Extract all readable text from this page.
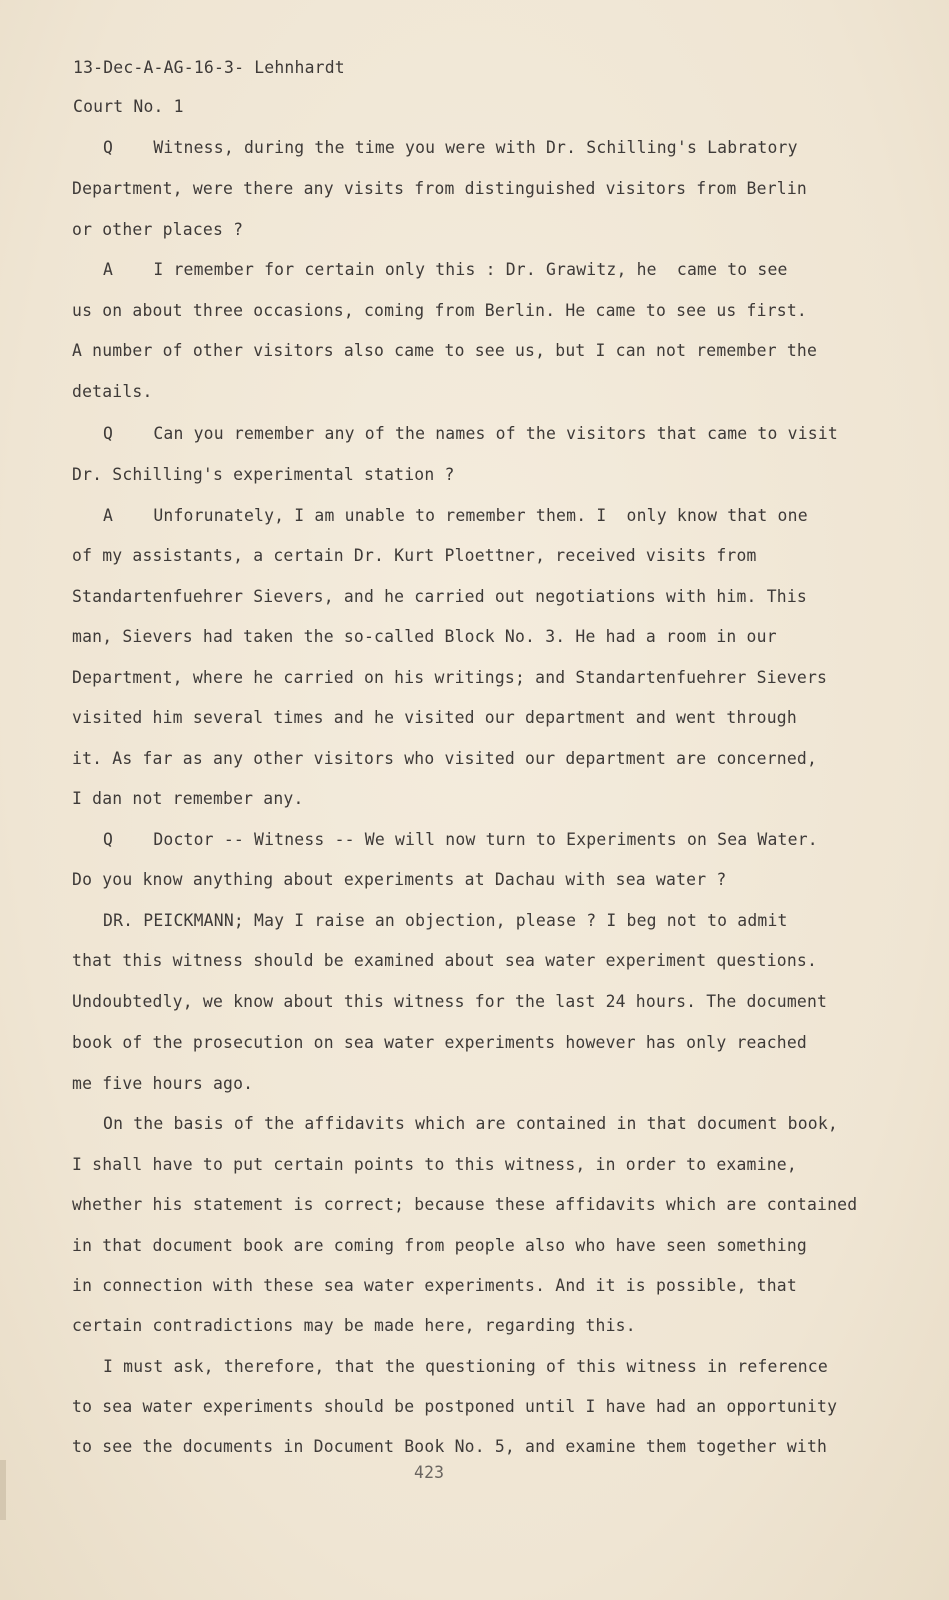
13-Dec-A-AG-16-3- Lehnhardt
Court No. 1
Q    Witness, during the time you were with Dr. Schilling's Labratory
Department, were there any visits from distinguished visitors from Berlin
or other places ?
A    I remember for certain only this : Dr. Grawitz, he  came to see
us on about three occasions, coming from Berlin. He came to see us first.
A number of other visitors also came to see us, but I can not remember the
details.
Q    Can you remember any of the names of the visitors that came to visit
Dr. Schilling's experimental station ?
A    Unforunately, I am unable to remember them. I  only know that one
of my assistants, a certain Dr. Kurt Ploettner, received visits from
Standartenfuehrer Sievers, and he carried out negotiations with him. This
man, Sievers had taken the so-called Block No. 3. He had a room in our
Department, where he carried on his writings; and Standartenfuehrer Sievers
visited him several times and he visited our department and went through
it. As far as any other visitors who visited our department are concerned,
I dan not remember any.
Q    Doctor -- Witness -- We will now turn to Experiments on Sea Water.
Do you know anything about experiments at Dachau with sea water ?
DR. PEICKMANN; May I raise an objection, please ? I beg not to admit
that this witness should be examined about sea water experiment questions.
Undoubtedly, we know about this witness for the last 24 hours. The document
book of the prosecution on sea water experiments however has only reached
me five hours ago.
On the basis of the affidavits which are contained in that document book,
I shall have to put certain points to this witness, in order to examine,
whether his statement is correct; because these affidavits which are contained
in that document book are coming from people also who have seen something
in connection with these sea water experiments. And it is possible, that
certain contradictions may be made here, regarding this.
I must ask, therefore, that the questioning of this witness in reference
to sea water experiments should be postponed until I have had an opportunity
to see the documents in Document Book No. 5, and examine them together with
423
